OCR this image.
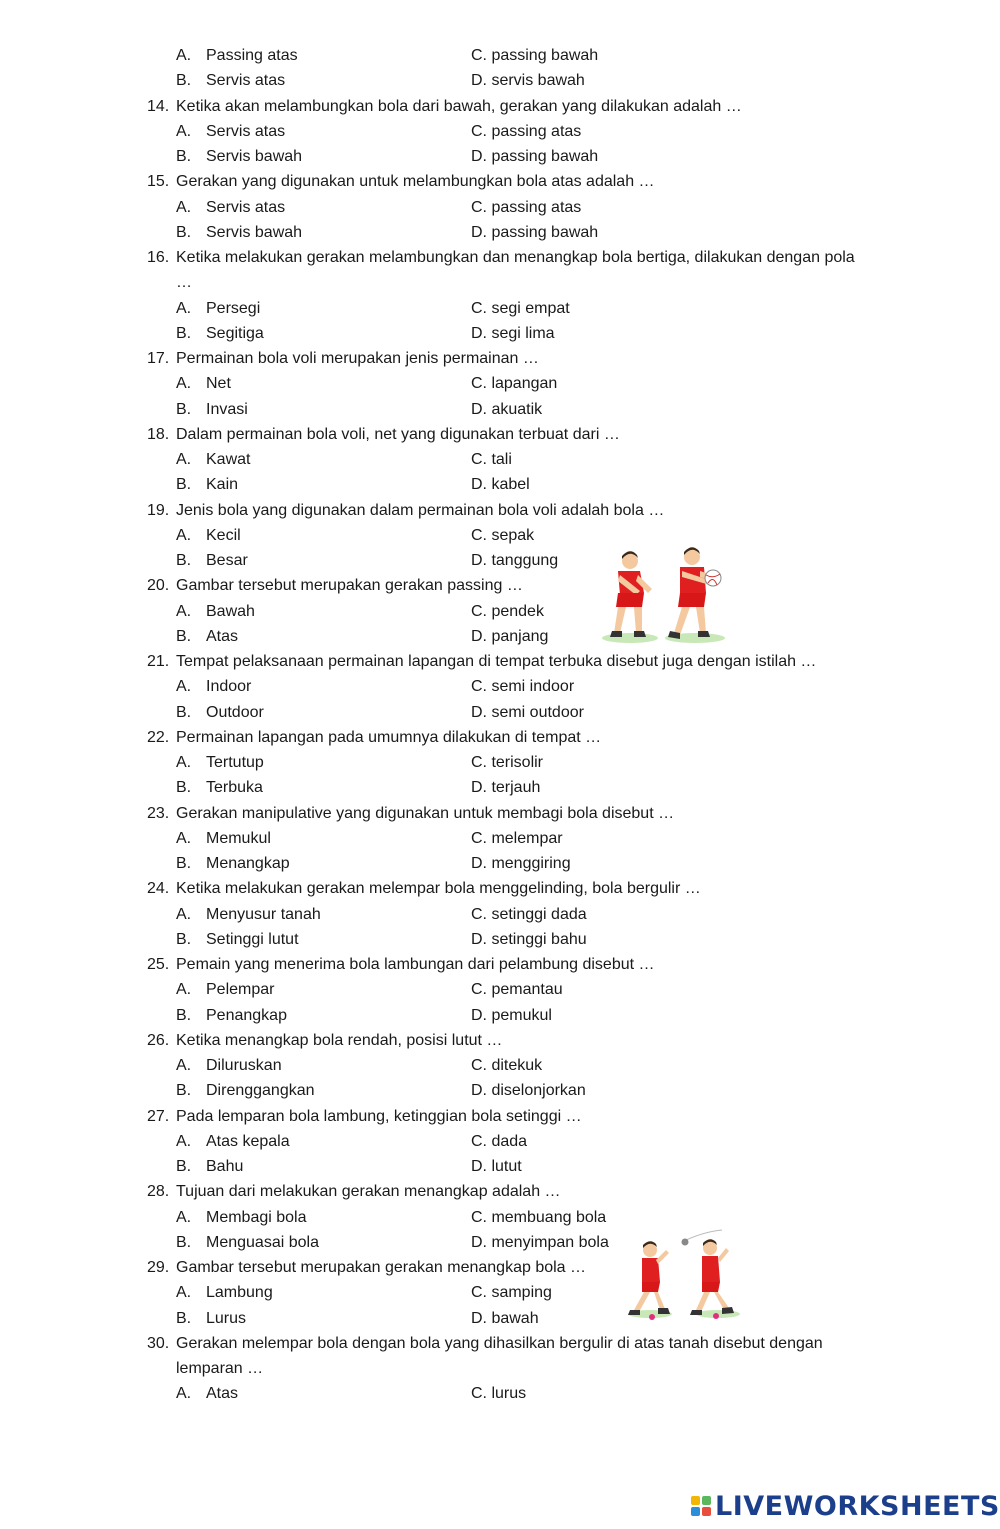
A. Passing atas	C. passing bawah
B. Servis atas	D. servis bawah
14. Ketika akan melambungkan bola dari bawah, gerakan yang dilakukan adalah …
A. Servis atas	C. passing atas
B. Servis bawah	D. passing bawah
15. Gerakan yang digunakan untuk melambungkan bola atas adalah …
A. Servis atas	C. passing atas
B. Servis bawah	D. passing bawah
16. Ketika melakukan gerakan melambungkan dan menangkap bola bertiga, dilakukan dengan pola
…
A. Persegi	C. segi empat
B. Segitiga	D. segi lima
17. Permainan bola voli merupakan jenis permainan …
A. Net	C. lapangan
B. Invasi	D. akuatik
18. Dalam permainan bola voli, net yang digunakan terbuat dari …
A. Kawat	C. tali
B. Kain	D. kabel
19. Jenis bola yang digunakan dalam permainan bola voli adalah bola …
A. Kecil	C. sepak
B. Besar	D. tanggung
20. Gambar tersebut merupakan gerakan passing …
A. Bawah	C. pendek
B. Atas	D. panjang
21. Tempat pelaksanaan permainan lapangan di tempat terbuka disebut juga dengan istilah …
A. Indoor	C. semi indoor
B. Outdoor	D. semi outdoor
22. Permainan lapangan pada umumnya dilakukan di tempat …
A. Tertutup	C. terisolir
B. Terbuka	D. terjauh
23. Gerakan manipulative yang digunakan untuk membagi bola disebut …
A. Memukul	C. melempar
B. Menangkap	D. menggiring
24. Ketika melakukan gerakan melempar bola menggelinding, bola bergulir …
A. Menyusur tanah	C. setinggi dada
B. Setinggi lutut	D. setinggi bahu
25. Pemain yang menerima bola lambungan dari pelambung disebut …
A. Pelempar	C. pemantau
B. Penangkap	D. pemukul
26. Ketika menangkap bola rendah, posisi lutut …
A. Diluruskan	C. ditekuk
B. Direnggangkan	D. diselonjorkan
27. Pada lemparan bola lambung, ketinggian bola setinggi …
A. Atas kepala	C. dada
B. Bahu	D. lutut
28. Tujuan dari melakukan gerakan menangkap adalah …
A. Membagi bola	C. membuang bola
B. Menguasai bola	D. menyimpan bola
29. Gambar tersebut merupakan gerakan menangkap bola …
A. Lambung	C. samping
B. Lurus	D. bawah
30. Gerakan melempar bola dengan bola yang dihasilkan bergulir di atas tanah disebut dengan
lemparan …
A. Atas	C. lurus
LIVEWORKSHEETS
